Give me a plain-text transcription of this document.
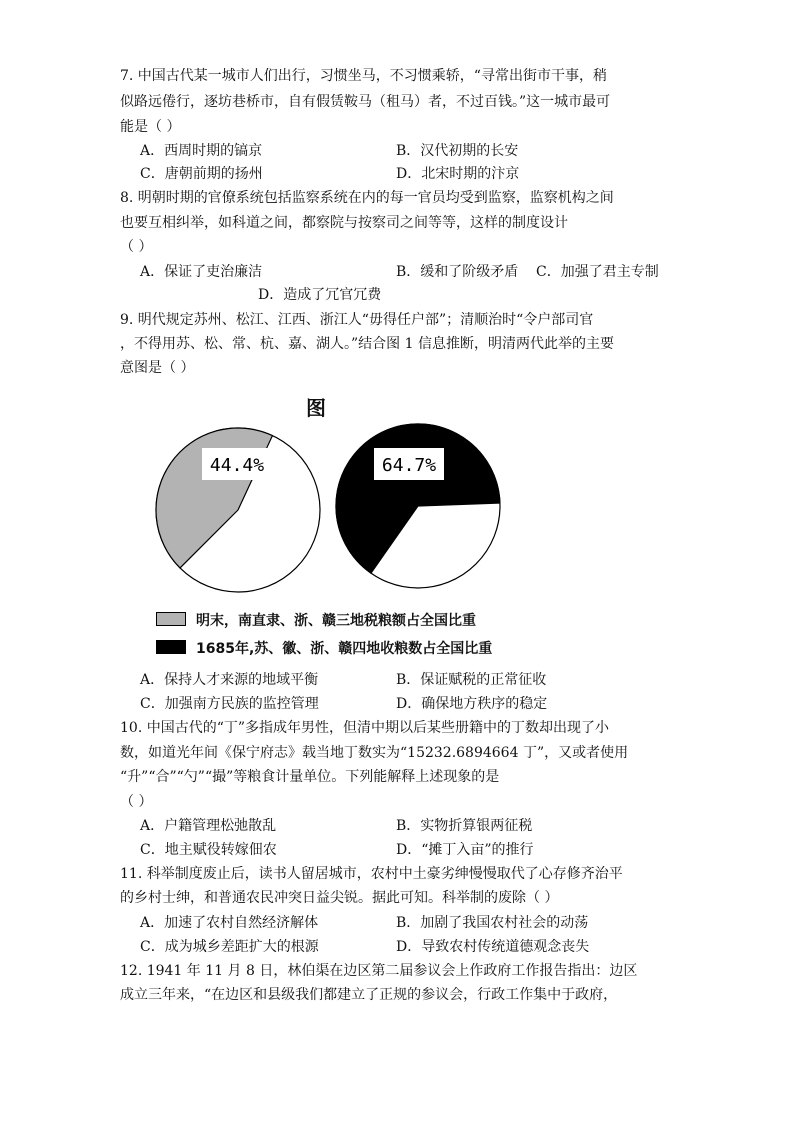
7. 中国古代某一城市人们出行，习惯坐马，不习惯乘轿，“寻常出街市干事，稍
似路远倦行，逐坊巷桥市，自有假赁鞍马（租马）者，不过百钱。”这一城市最可
能是（ ）
A．西周时期的镐京	B．汉代初期的长安
C．唐朝前期的扬州	D．北宋时期的汴京
8. 明朝时期的官僚系统包括监察系统在内的每一官员均受到监察，监察机构之间
也要互相纠举，如科道之间，都察院与按察司之间等等，这样的制度设计
（ ）
A．保证了吏治廉洁	B．缓和了阶级矛盾 C．加强了君主专制
D．造成了冗官冗费
9. 明代规定苏州、松江、江西、浙江人“毋得任户部”；清顺治时“令户部司官
，不得用苏、松、常、杭、嘉、湖人。”结合图 1 信息推断，明清两代此举的主要
意图是（ ）
图
44.4%	64.7%
明末，南直隶、浙、赣三地税粮额占全国比重
1685年,苏、徽、浙、赣四地收粮数占全国比重
A．保持人才来源的地域平衡	B．保证赋税的正常征收
C．加强南方民族的监控管理	D．确保地方秩序的稳定
10. 中国古代的“丁”多指成年男性，但清中期以后某些册籍中的丁数却出现了小
数，如道光年间《保宁府志》载当地丁数实为“15232.6894664 丁”，又或者使用
“升”“合”“勺”“撮”等粮食计量单位。下列能解释上述现象的是
（ ）
A．户籍管理松弛散乱	B．实物折算银两征税
C．地主赋役转嫁佃农	D．“摊丁入亩”的推行
11. 科举制度废止后，读书人留居城市，农村中土豪劣绅慢慢取代了心存修齐治平
的乡村士绅，和普通农民冲突日益尖锐。据此可知。科举制的废除（ ）
A．加速了农村自然经济解体	B．加剧了我国农村社会的动荡
C．成为城乡差距扩大的根源	D．导致农村传统道德观念丧失
12. 1941 年 11 月 8 日，林伯渠在边区第二届参议会上作政府工作报告指出：边区
成立三年来，“在边区和县级我们都建立了正规的参议会，行政工作集中于政府，
